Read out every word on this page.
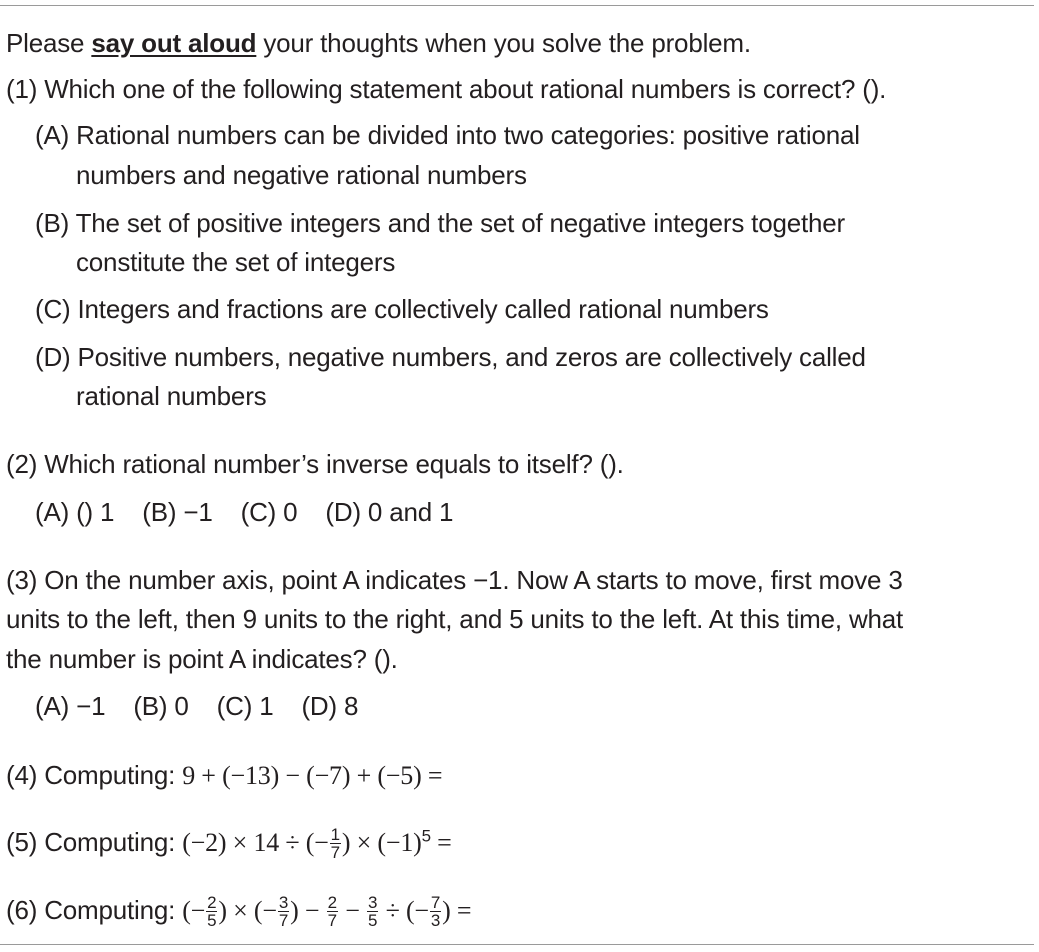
Please say out aloud your thoughts when you solve the problem.
(1) Which one of the following statement about rational numbers is correct? ().
(A) Rational numbers can be divided into two categories: positive rational
numbers and negative rational numbers
(B) The set of positive integers and the set of negative integers together
constitute the set of integers
(C) Integers and fractions are collectively called rational numbers
(D) Positive numbers, negative numbers, and zeros are collectively called
rational numbers
(2) Which rational number’s inverse equals to itself? ().
(A) () 1 (B) −1 (C) 0 (D) 0 and 1
(3) On the number axis, point A indicates −1. Now A starts to move, first move 3
units to the left, then 9 units to the right, and 5 units to the left. At this time, what
the number is point A indicates? ().
(A) −1 (B) 0 (C) 1 (D) 8
(4) Computing: 9 + (−13) − (−7) + (−5) =
(5) Computing: (−2) × 14 ÷ (− $\frac{1}{7}$ ) × $(-1)^5$ =
(6) Computing: (− $\frac{2}{5}$ ) × (− $\frac{3}{7}$ ) − $\frac{2}{7} - \frac{3}{5}$ ÷ (− $\frac{7}{3}$ ) =
